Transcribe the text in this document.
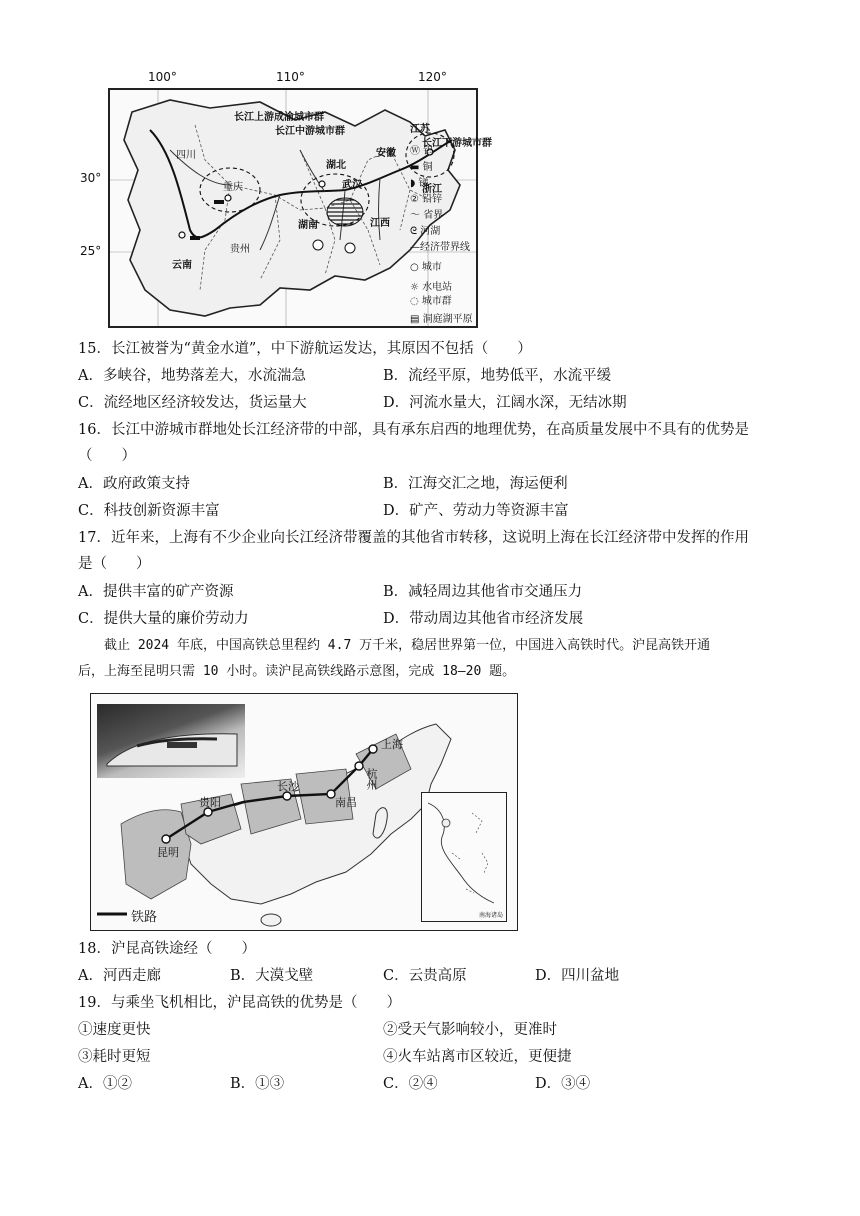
100°	110°	120°
30°
25°
长江上游成渝城市群
长江中游城市群	江苏
长江下游城市群
四川	安徽
湖北
重庆	武汉	浙江
湖南	江西
贵州
云南
Ⓦ 钨
▬ 铜
◗ 锑
② 铅锌
〜 省界
ᘓ 河湖
—经济带界线
○ 城市
☼ 水电站
◌ 城市群
▤ 洞庭湖平原
15．长江被誉为“黄金水道”，中下游航运发达，其原因不包括（　　）
A．多峡谷，地势落差大，水流湍急	B．流经平原，地势低平，水流平缓
C．流经地区经济较发达，货运量大	D．河流水量大，江阔水深，无结冰期
16．长江中游城市群地处长江经济带的中部，具有承东启西的地理优势，在高质量发展中不具有的优势是
（　　）
A．政府政策支持	B．江海交汇之地，海运便利
C．科技创新资源丰富	D．矿产、劳动力等资源丰富
17．近年来，上海有不少企业向长江经济带覆盖的其他省市转移，这说明上海在长江经济带中发挥的作用
是（　　）
A．提供丰富的矿产资源	B．减轻周边其他省市交通压力
C．提供大量的廉价劳动力	D．带动周边其他省市经济发展
截止 2024 年底，中国高铁总里程约 4.7 万千米，稳居世界第一位，中国进入高铁时代。沪昆高铁开通
后，上海至昆明只需 10 小时。读沪昆高铁线路示意图，完成 18—20 题。
上海
杭州
南昌
长沙
贵阳
昆明
铁路	南海诸岛
18．沪昆高铁途经（　　）
A．河西走廊	B．大漠戈壁	C．云贵高原	D．四川盆地
19．与乘坐飞机相比，沪昆高铁的优势是（　　）
①速度更快	②受天气影响较小，更准时
③耗时更短	④火车站离市区较近，更便捷
A．①②	B．①③	C．②④	D．③④
